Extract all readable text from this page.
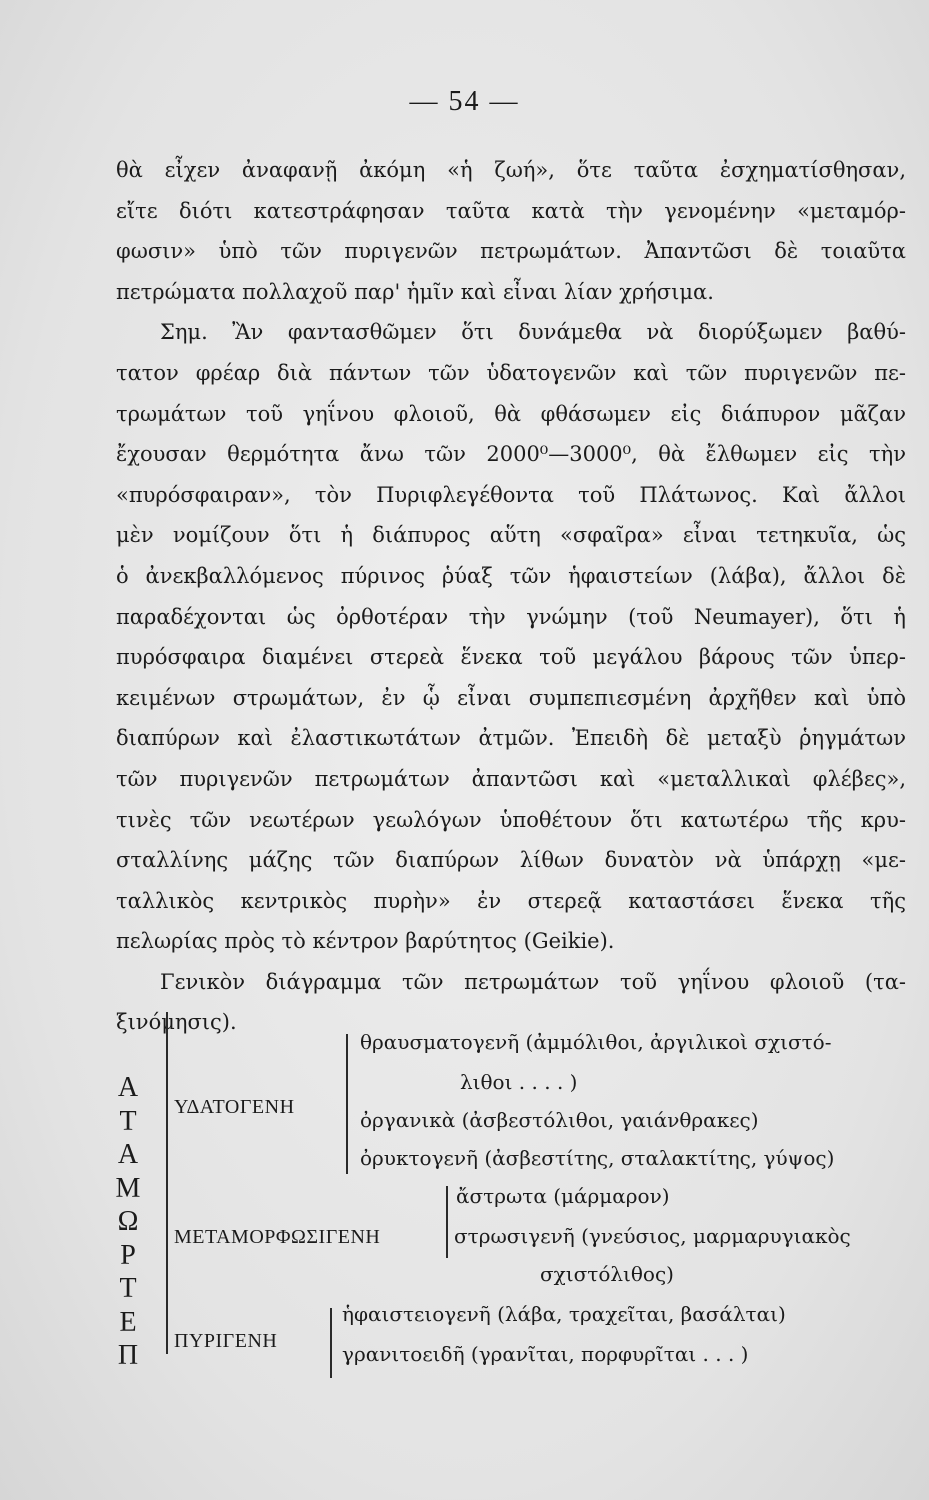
— 54 —
θὰ εἶχεν ἀναφανῇ ἀκόμη «ἡ ζωή», ὅτε ταῦτα ἐσχηματίσθησαν,
εἴτε διότι κατεστράφησαν ταῦτα κατὰ τὴν γενομένην «μεταμόρ-
φωσιν» ὑπὸ τῶν πυριγενῶν πετρωμάτων. Ἀπαντῶσι δὲ τοιαῦτα
πετρώματα πολλαχοῦ παρ' ἡμῖν καὶ εἶναι λίαν χρήσιμα.
Σημ. Ἂν φαντασθῶμεν ὅτι δυνάμεθα νὰ διορύξωμεν βαθύ-
τατον φρέαρ διὰ πάντων τῶν ὑδατογενῶν καὶ τῶν πυριγενῶν πε-
τρωμάτων τοῦ γηΐνου φλοιοῦ, θὰ φθάσωμεν εἰς διάπυρον μᾶζαν
ἔχουσαν θερμότητα ἄνω τῶν 2000⁰—3000⁰, θὰ ἔλθωμεν εἰς τὴν
«πυρόσφαιραν», τὸν Πυριφλεγέθοντα τοῦ Πλάτωνος. Καὶ ἄλλοι
μὲν νομίζουν ὅτι ἡ διάπυρος αὕτη «σφαῖρα» εἶναι τετηκυῖα, ὡς
ὁ ἀνεκβαλλόμενος πύρινος ῥύαξ τῶν ἡφαιστείων (λάβα), ἄλλοι δὲ
παραδέχονται ὡς ὀρθοτέραν τὴν γνώμην (τοῦ Neumayer), ὅτι ἡ
πυρόσφαιρα διαμένει στερεὰ ἕνεκα τοῦ μεγάλου βάρους τῶν ὑπερ-
κειμένων στρωμάτων, ἐν ᾧ εἶναι συμπεπιεσμένη ἀρχῆθεν καὶ ὑπὸ
διαπύρων καὶ ἐλαστικωτάτων ἀτμῶν. Ἐπειδὴ δὲ μεταξὺ ῥηγμάτων
τῶν πυριγενῶν πετρωμάτων ἀπαντῶσι καὶ «μεταλλικαὶ φλέβες»,
τινὲς τῶν νεωτέρων γεωλόγων ὑποθέτουν ὅτι κατωτέρω τῆς κρυ-
σταλλίνης μάζης τῶν διαπύρων λίθων δυνατὸν νὰ ὑπάρχῃ «με-
ταλλικὸς κεντρικὸς πυρὴν» ἐν στερεᾷ καταστάσει ἕνεκα τῆς
πελωρίας πρὸς τὸ κέντρον βαρύτητος (Geikie).
Γενικὸν διάγραμμα τῶν πετρωμάτων τοῦ γηΐνου φλοιοῦ (τα-
ξινόμησις).
Α
Τ
Α
Μ
Ω
Ρ
Τ
Ε
Π
ΥΔΑΤΟΓΕΝΗ
θραυσματογενῆ (ἀμμόλιθοι, ἀργιλικοὶ σχιστό-
λιθοι . . . . )
ὀργανικὰ (ἀσβεστόλιθοι, γαιάνθρακες)
ὀρυκτογενῆ (ἀσβεστίτης, σταλακτίτης, γύψος)
ΜΕΤΑΜΟΡΦΩΣΙΓΕΝΗ
ἄστρωτα (μάρμαρον)
στρωσιγενῆ (γνεύσιος, μαρμαρυγιακὸς
σχιστόλιθος)
ΠΥΡΙΓΕΝΗ
ἡφαιστειογενῆ (λάβα, τραχεῖται, βασάλται)
γρανιτοειδῆ (γρανῖται, πορφυρῖται . . . )
